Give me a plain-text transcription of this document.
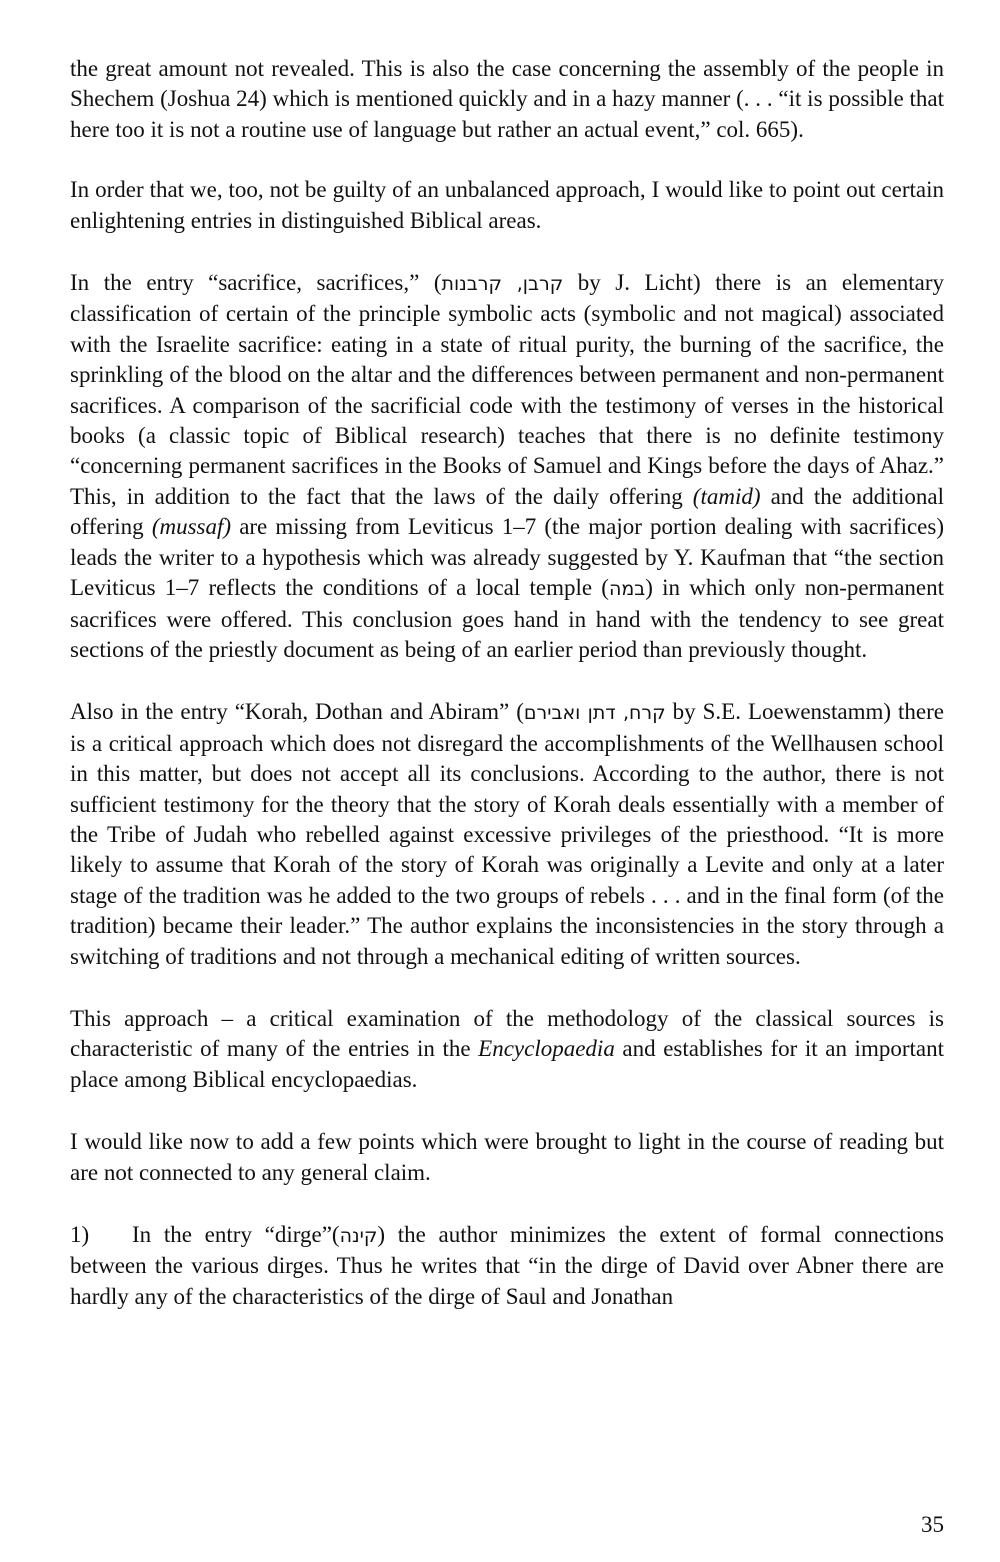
the great amount not revealed. This is also the case concerning the assembly of the people in Shechem (Joshua 24) which is mentioned quickly and in a hazy manner (. . . “it is possible that here too it is not a routine use of language but rather an actual event,” col. 665).

In order that we, too, not be guilty of an unbalanced approach, I would like to point out certain enlightening entries in distinguished Biblical areas.

In the entry “sacrifice, sacrifices,” (קרבן, קרבנות by J. Licht) there is an elementary classification of certain of the principle symbolic acts (symbolic and not magical) associated with the Israelite sacrifice: eating in a state of ritual purity, the burning of the sacrifice, the sprinkling of the blood on the altar and the differences between permanent and non-permanent sacrifices. A comparison of the sacrificial code with the testimony of verses in the historical books (a classic topic of Biblical research) teaches that there is no definite testimony “concerning permanent sacrifices in the Books of Samuel and Kings before the days of Ahaz.” This, in addition to the fact that the laws of the daily offering (tamid) and the additional offering (mussaf) are missing from Leviticus 1–7 (the major portion dealing with sacrifices) leads the writer to a hypothesis which was already suggested by Y. Kaufman that “the section Leviticus 1–7 reflects the conditions of a local temple (במה) in which only non-permanent sacrifices were offered. This conclusion goes hand in hand with the tendency to see great sections of the priestly document as being of an earlier period than previously thought.

Also in the entry “Korah, Dothan and Abiram” (קרח, דתן ואבירם by S.E. Loewenstamm) there is a critical approach which does not disregard the accomplishments of the Wellhausen school in this matter, but does not accept all its conclusions. According to the author, there is not sufficient testimony for the theory that the story of Korah deals essentially with a member of the Tribe of Judah who rebelled against excessive privileges of the priesthood. “It is more likely to assume that Korah of the story of Korah was originally a Levite and only at a later stage of the tradition was he added to the two groups of rebels . . . and in the final form (of the tradition) became their leader.” The author explains the inconsistencies in the story through a switching of traditions and not through a mechanical editing of written sources.

This approach – a critical examination of the methodology of the classical sources is characteristic of many of the entries in the Encyclopaedia and establishes for it an important place among Biblical encyclopaedias.

I would like now to add a few points which were brought to light in the course of reading but are not connected to any general claim.

1) In the entry “dirge”(קינה) the author minimizes the extent of formal connections between the various dirges. Thus he writes that “in the dirge of David over Abner there are hardly any of the characteristics of the dirge of Saul and Jonathan

35
